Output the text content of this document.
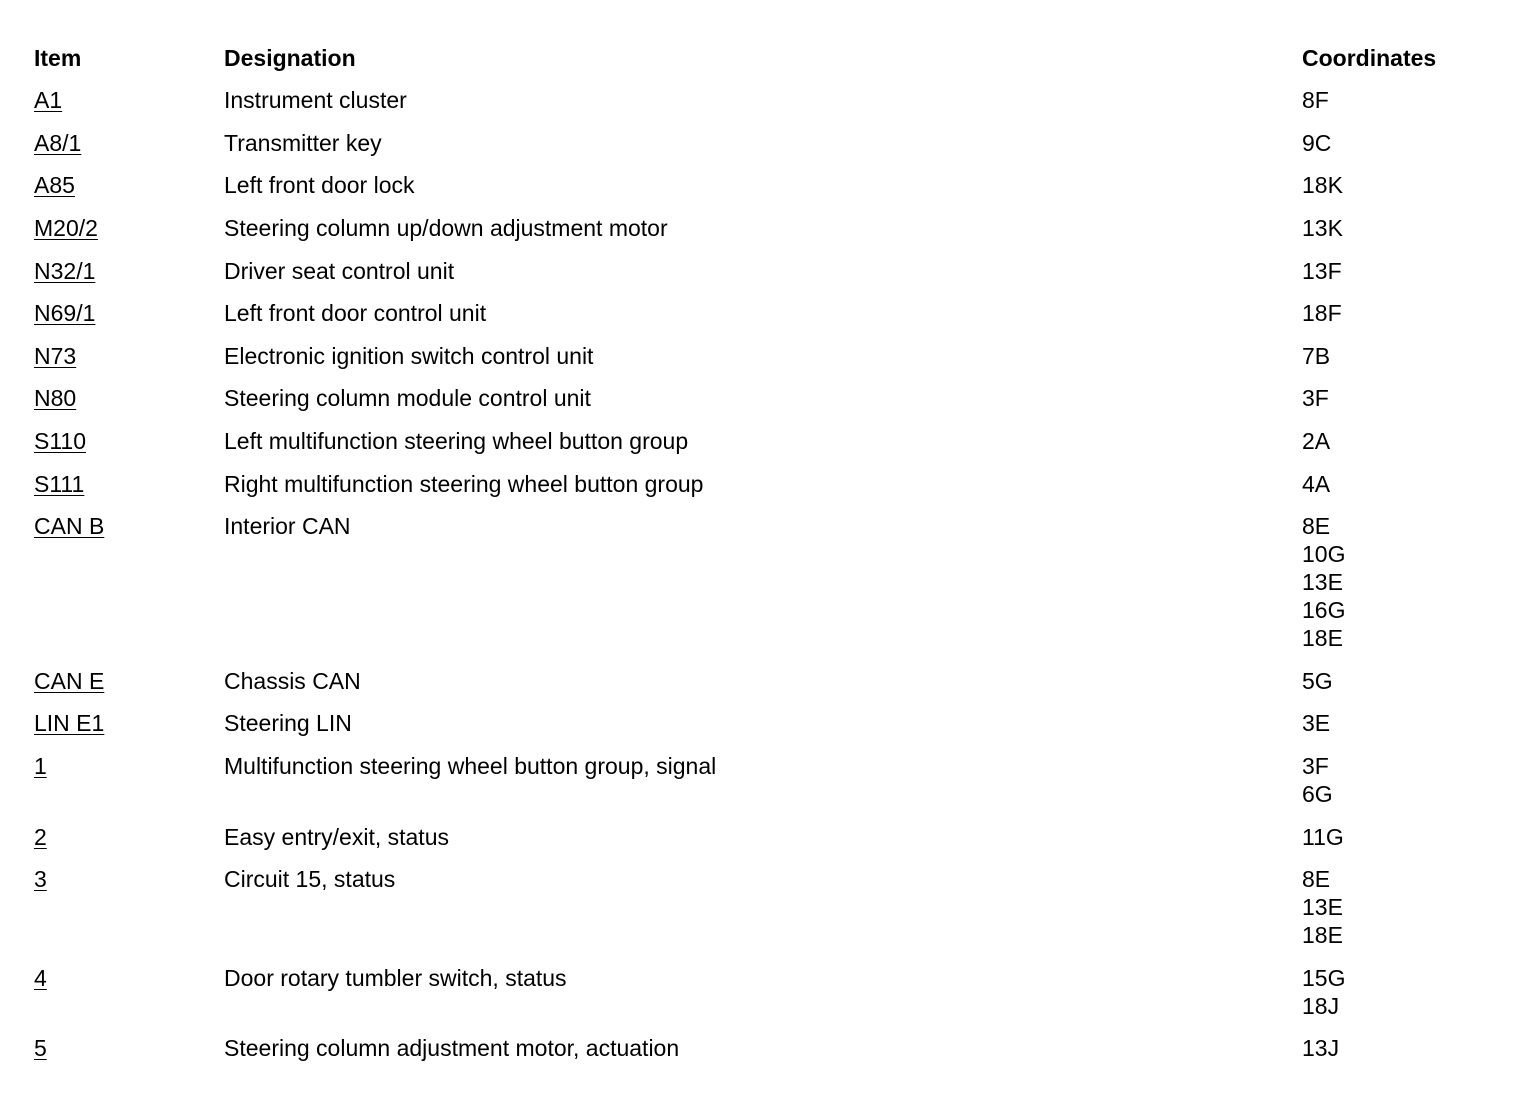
Item	Designation	Coordinates
A1	Instrument cluster	8F
A8/1	Transmitter key	9C
A85	Left front door lock	18K
M20/2	Steering column up/down adjustment motor	13K
N32/1	Driver seat control unit	13F
N69/1	Left front door control unit	18F
N73	Electronic ignition switch control unit	7B
N80	Steering column module control unit	3F
S110	Left multifunction steering wheel button group	2A
S111	Right multifunction steering wheel button group	4A
CAN B	Interior CAN	8E
10G
13E
16G
18E
CAN E	Chassis CAN	5G
LIN E1	Steering LIN	3E
1	Multifunction steering wheel button group, signal	3F
6G
2	Easy entry/exit, status	11G
3	Circuit 15, status	8E
13E
18E
4	Door rotary tumbler switch, status	15G
18J
5	Steering column adjustment motor, actuation	13J
